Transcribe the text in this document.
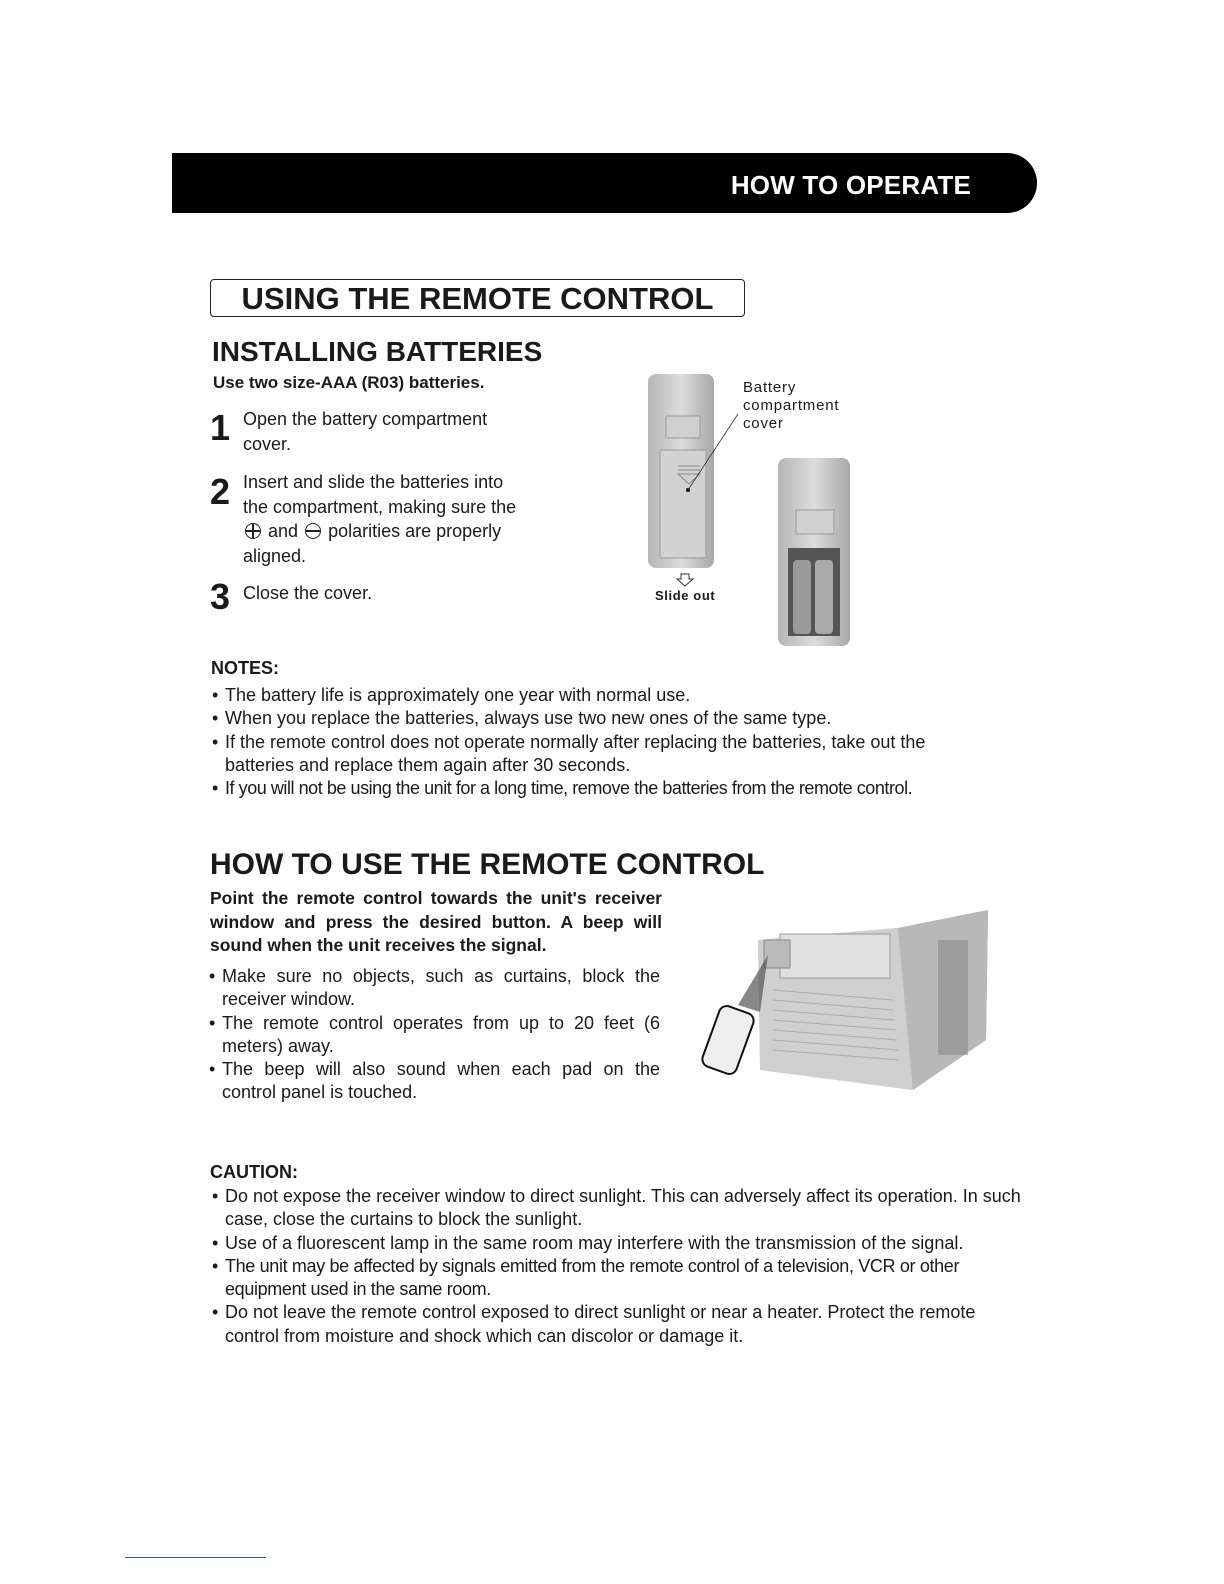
HOW TO OPERATE
USING THE REMOTE CONTROL
INSTALLING BATTERIES
Use two size-AAA (R03) batteries.
1 Open the battery compartment cover.
2 Insert and slide the batteries into the compartment, making sure the  and polarities are properly aligned.
3 Close the cover.
Battery compartment cover
Slide out
NOTES:
• The battery life is approximately one year with normal use.
• When you replace the batteries, always use two new ones of the same type.
• If the remote control does not operate normally after replacing the batteries, take out the batteries and replace them again after 30 seconds.
• If you will not be using the unit for a long time, remove the batteries from the remote control.
HOW TO USE THE REMOTE CONTROL
Point the remote control towards the unit's receiver window and press the desired button. A beep will sound when the unit receives the signal.
• Make sure no objects, such as curtains, block the receiver window.
• The remote control operates from up to 20 feet (6 meters) away.
• The beep will also sound when each pad on the control panel is touched.
CAUTION:
• Do not expose the receiver window to direct sunlight. This can adversely affect its operation. In such case, close the curtains to block the sunlight.
• Use of a fluorescent lamp in the same room may interfere with the transmission of the signal.
• The unit may be affected by signals emitted from the remote control of a television, VCR or other equipment used in the same room.
• Do not leave the remote control exposed to direct sunlight or near a heater. Protect the remote control from moisture and shock which can discolor or damage it.
